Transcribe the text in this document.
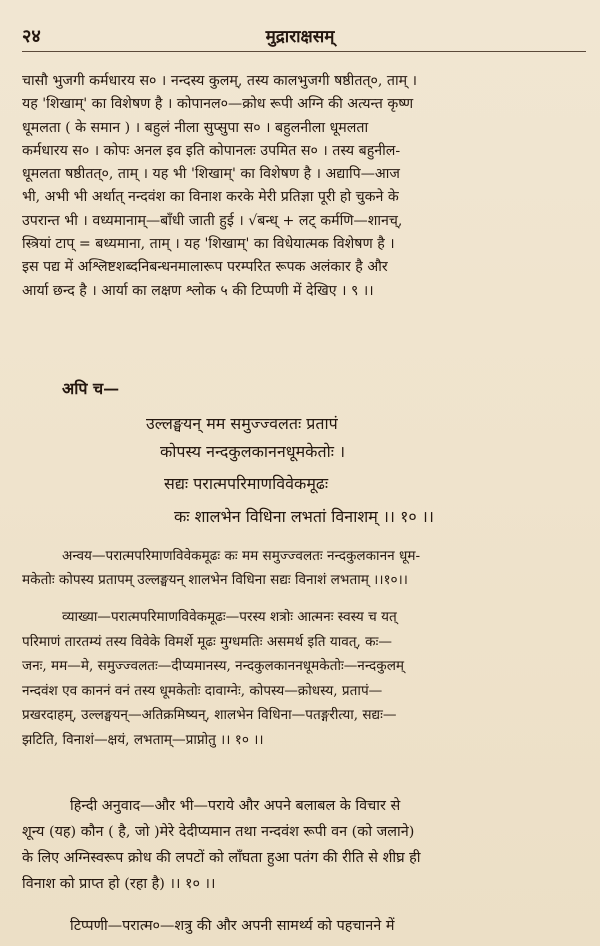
२४	मुद्राराक्षसम्

चासौ भुजगी कर्मधारय स० । नन्दस्य कुलम्, तस्य कालभुजगी षष्ठीतत्०, ताम् ।
यह 'शिखाम्' का विशेषण है । कोपानल०—क्रोध रूपी अग्नि की अत्यन्त कृष्ण
धूमलता ( के समान ) । बहुलं नीला सुप्सुपा स० । बहुलनीला धूमलता
कर्मधारय स० । कोपः अनल इव इति कोपानलः उपमित स० । तस्य बहुनील-
धूमलता षष्ठीतत्०, ताम् । यह भी 'शिखाम्' का विशेषण है । अद्यापि—आज
भी, अभी भी अर्थात् नन्दवंश का विनाश करके मेरी प्रतिज्ञा पूरी हो चुकने के
उपरान्त भी । वध्यमानाम्—बाँधी जाती हुई । √बन्ध् + लट् कर्मणि—शानच्,
स्त्रियां टाप् = बध्यमाना, ताम् । यह 'शिखाम्' का विधेयात्मक विशेषण है ।
इस पद्य में अश्लिष्टशब्दनिबन्धनमालारूप परम्परित रूपक अलंकार है और
आर्या छन्द है । आर्या का लक्षण श्लोक ५ की टिप्पणी में देखिए । ९ ।।

अपि च—

उल्लङ्घयन् मम समुज्ज्वलतः प्रतापं

कोपस्य नन्दकुलकाननधूमकेतोः ।

सद्यः परात्मपरिमाणविवेकमूढः

कः शालभेन विधिना लभतां विनाशम् ।। १० ।।

अन्वय—परात्मपरिमाणविवेकमूढः कः मम समुज्ज्वलतः नन्दकुलकानन धूम-
मकेतोः कोपस्य प्रतापम् उल्लङ्घयन् शालभेन विधिना सद्यः विनाशं लभताम् ।।१०।।

व्याख्या—परात्मपरिमाणविवेकमूढः—परस्य शत्रोः आत्मनः स्वस्य च यत्
परिमाणं तारतम्यं तस्य विवेके विमर्शे मूढः मुग्धमतिः असमर्थ इति यावत्, कः—
जनः, मम—मे, समुज्ज्वलतः—दीप्यमानस्य, नन्दकुलकाननधूमकेतोः—नन्दकुलम्
नन्दवंश एव काननं वनं तस्य धूमकेतोः दावाग्नेः, कोपस्य—क्रोधस्य, प्रतापं—
प्रखरदाहम्, उल्लङ्घयन्—अतिक्रमिष्यन्, शालभेन विधिना—पतङ्गरीत्या, सद्यः—
झटिति, विनाशं—क्षयं, लभताम्—प्राप्नोतु ।। १० ।।

हिन्दी अनुवाद—और भी—पराये और अपने बलाबल के विचार से
शून्य (यह) कौन ( है, जो )मेरे देदीप्यमान तथा नन्दवंश रूपी वन (को जलाने)
के लिए अग्निस्वरूप क्रोध की लपटों को लाँघता हुआ पतंग की रीति से शीघ्र ही
विनाश को प्राप्त हो (रहा है) ।। १० ।।

टिप्पणी—परात्म०—शत्रु की और अपनी सामर्थ्य को पहचानने में
